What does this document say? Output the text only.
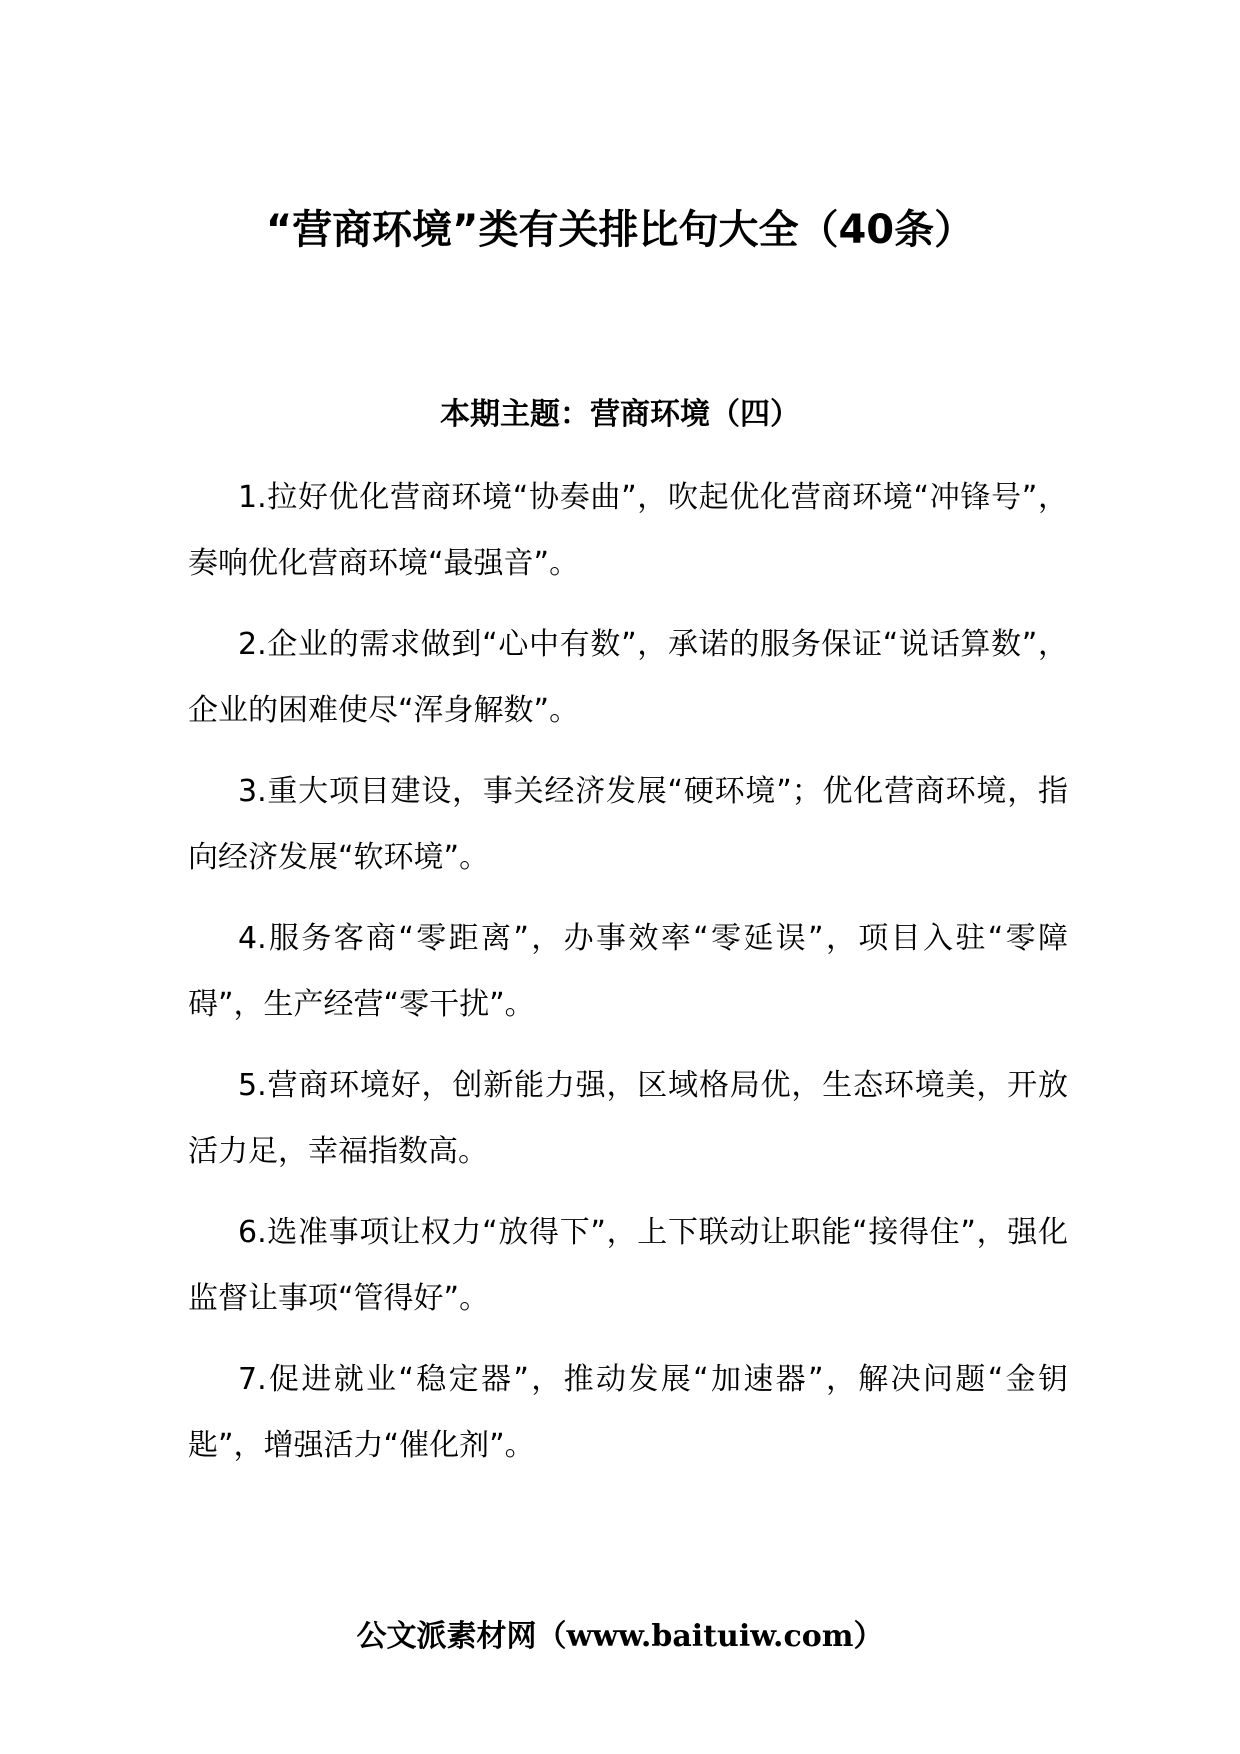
“营商环境”类有关排比句大全（40条）
本期主题：营商环境（四）
1.拉好优化营商环境“协奏曲”，吹起优化营商环境“冲锋号”，奏响优化营商环境“最强音”。
2.企业的需求做到“心中有数”，承诺的服务保证“说话算数”，企业的困难使尽“浑身解数”。
3.重大项目建设，事关经济发展“硬环境”；优化营商环境，指向经济发展“软环境”。
4.服务客商“零距离”，办事效率“零延误”，项目入驻“零障碍”，生产经营“零干扰”。
5.营商环境好，创新能力强，区域格局优，生态环境美，开放活力足，幸福指数高。
6.选准事项让权力“放得下”，上下联动让职能“接得住”，强化监督让事项“管得好”。
7.促进就业“稳定器”，推动发展“加速器”，解决问题“金钥匙”，增强活力“催化剂”。

公文派素材网（www.baituiw.com）
